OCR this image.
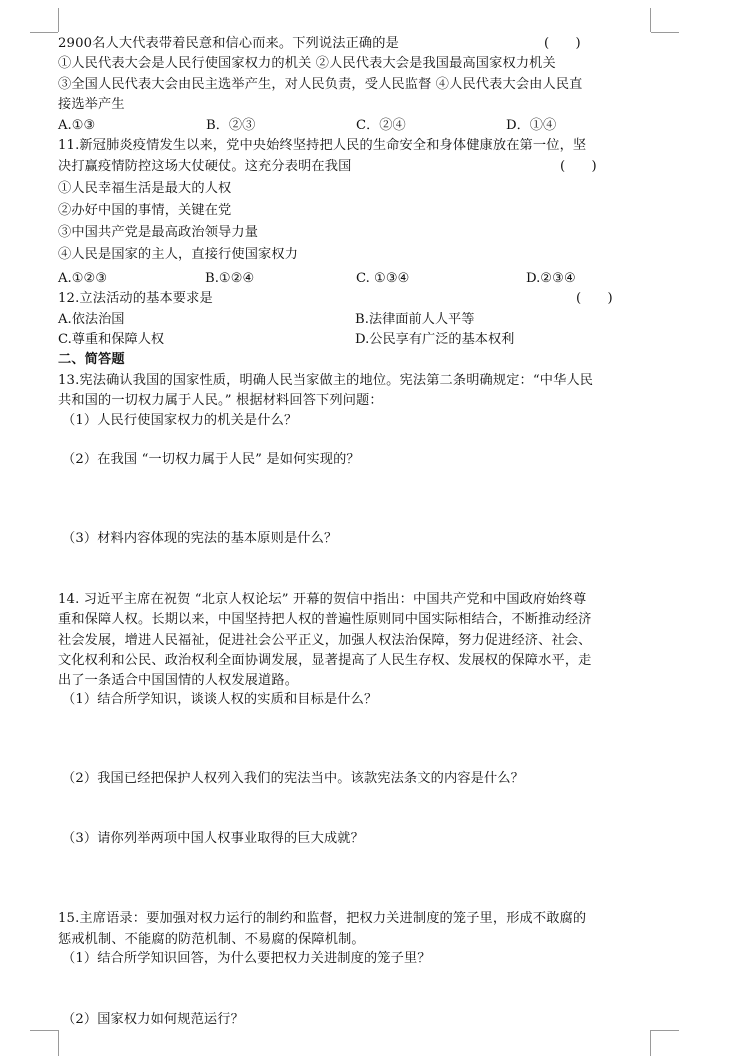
2900名人大代表带着民意和信心而来。下列说法正确的是	(　　)
①人民代表大会是人民行使国家权力的机关 ②人民代表大会是我国最高国家权力机关
③全国人民代表大会由民主选举产生，对人民负责，受人民监督 ④人民代表大会由人民直
接选举产生
A.①③	B．②③	C．②④	D．①④
11.新冠肺炎疫情发生以来，党中央始终坚持把人民的生命安全和身体健康放在第一位，坚
决打赢疫情防控这场大仗硬仗。这充分表明在我国	(　　)
①人民幸福生活是最大的人权
②办好中国的事情，关键在党
③中国共产党是最高政治领导力量
④人民是国家的主人，直接行使国家权力
A.①②③	B.①②④	C. ①③④	D.②③④
12.立法活动的基本要求是	(　　)
A.依法治国	B.法律面前人人平等
C.尊重和保障人权	D.公民享有广泛的基本权利
二、简答题
13.宪法确认我国的国家性质，明确人民当家做主的地位。宪法第二条明确规定：“中华人民
共和国的一切权力属于人民。” 根据材料回答下列问题：
（1）人民行使国家权力的机关是什么？
（2）在我国 “一切权力属于人民” 是如何实现的？
（3）材料内容体现的宪法的基本原则是什么？
14. 习近平主席在祝贺 “北京人权论坛” 开幕的贺信中指出：中国共产党和中国政府始终尊
重和保障人权。长期以来，中国坚持把人权的普遍性原则同中国实际相结合，不断推动经济
社会发展，增进人民福祉，促进社会公平正义，加强人权法治保障，努力促进经济、社会、
文化权利和公民、政治权利全面协调发展，显著提高了人民生存权、发展权的保障水平，走
出了一条适合中国国情的人权发展道路。
（1）结合所学知识，谈谈人权的实质和目标是什么？
（2）我国已经把保护人权列入我们的宪法当中。该款宪法条文的内容是什么？
（3）请你列举两项中国人权事业取得的巨大成就？
15.主席语录：要加强对权力运行的制约和监督，把权力关进制度的笼子里，形成不敢腐的
惩戒机制、不能腐的防范机制、不易腐的保障机制。
（1）结合所学知识回答，为什么要把权力关进制度的笼子里？
（2）国家权力如何规范运行？
